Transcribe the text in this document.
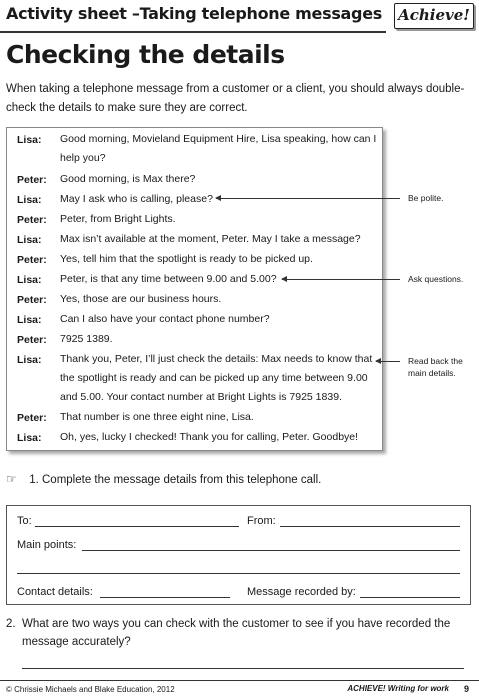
Activity sheet –Taking telephone messages Achieve!
Checking the details
When taking a telephone message from a customer or a client, you should always double-check the details to make sure they are correct.
Lisa: Good morning, Movieland Equipment Hire, Lisa speaking, how can I help you?
Peter: Good morning, is Max there?
Lisa: May I ask who is calling, please?
Peter: Peter, from Bright Lights.
Lisa: Max isn’t available at the moment, Peter. May I take a message?
Peter: Yes, tell him that the spotlight is ready to be picked up.
Lisa: Peter, is that any time between 9.00 and 5.00?
Peter: Yes, those are our business hours.
Lisa: Can I also have your contact phone number?
Peter: 7925 1389.
Lisa: Thank you, Peter, I’ll just check the details: Max needs to know that the spotlight is ready and can be picked up any time between 9.00 and 5.00. Your contact number at Bright Lights is 7925 1839.
Peter: That number is one three eight nine, Lisa.
Lisa: Oh, yes, lucky I checked! Thank you for calling, Peter. Goodbye!
Be polite.
Ask questions.
Read back the main details.
☞ 1. Complete the message details from this telephone call.
To:	From:
Main points:
Contact details:	Message recorded by:
2. What are two ways you can check with the customer to see if you have recorded the message accurately?
© Chrissie Michaels and Blake Education, 2012	ACHIEVE! Writing for work 9
